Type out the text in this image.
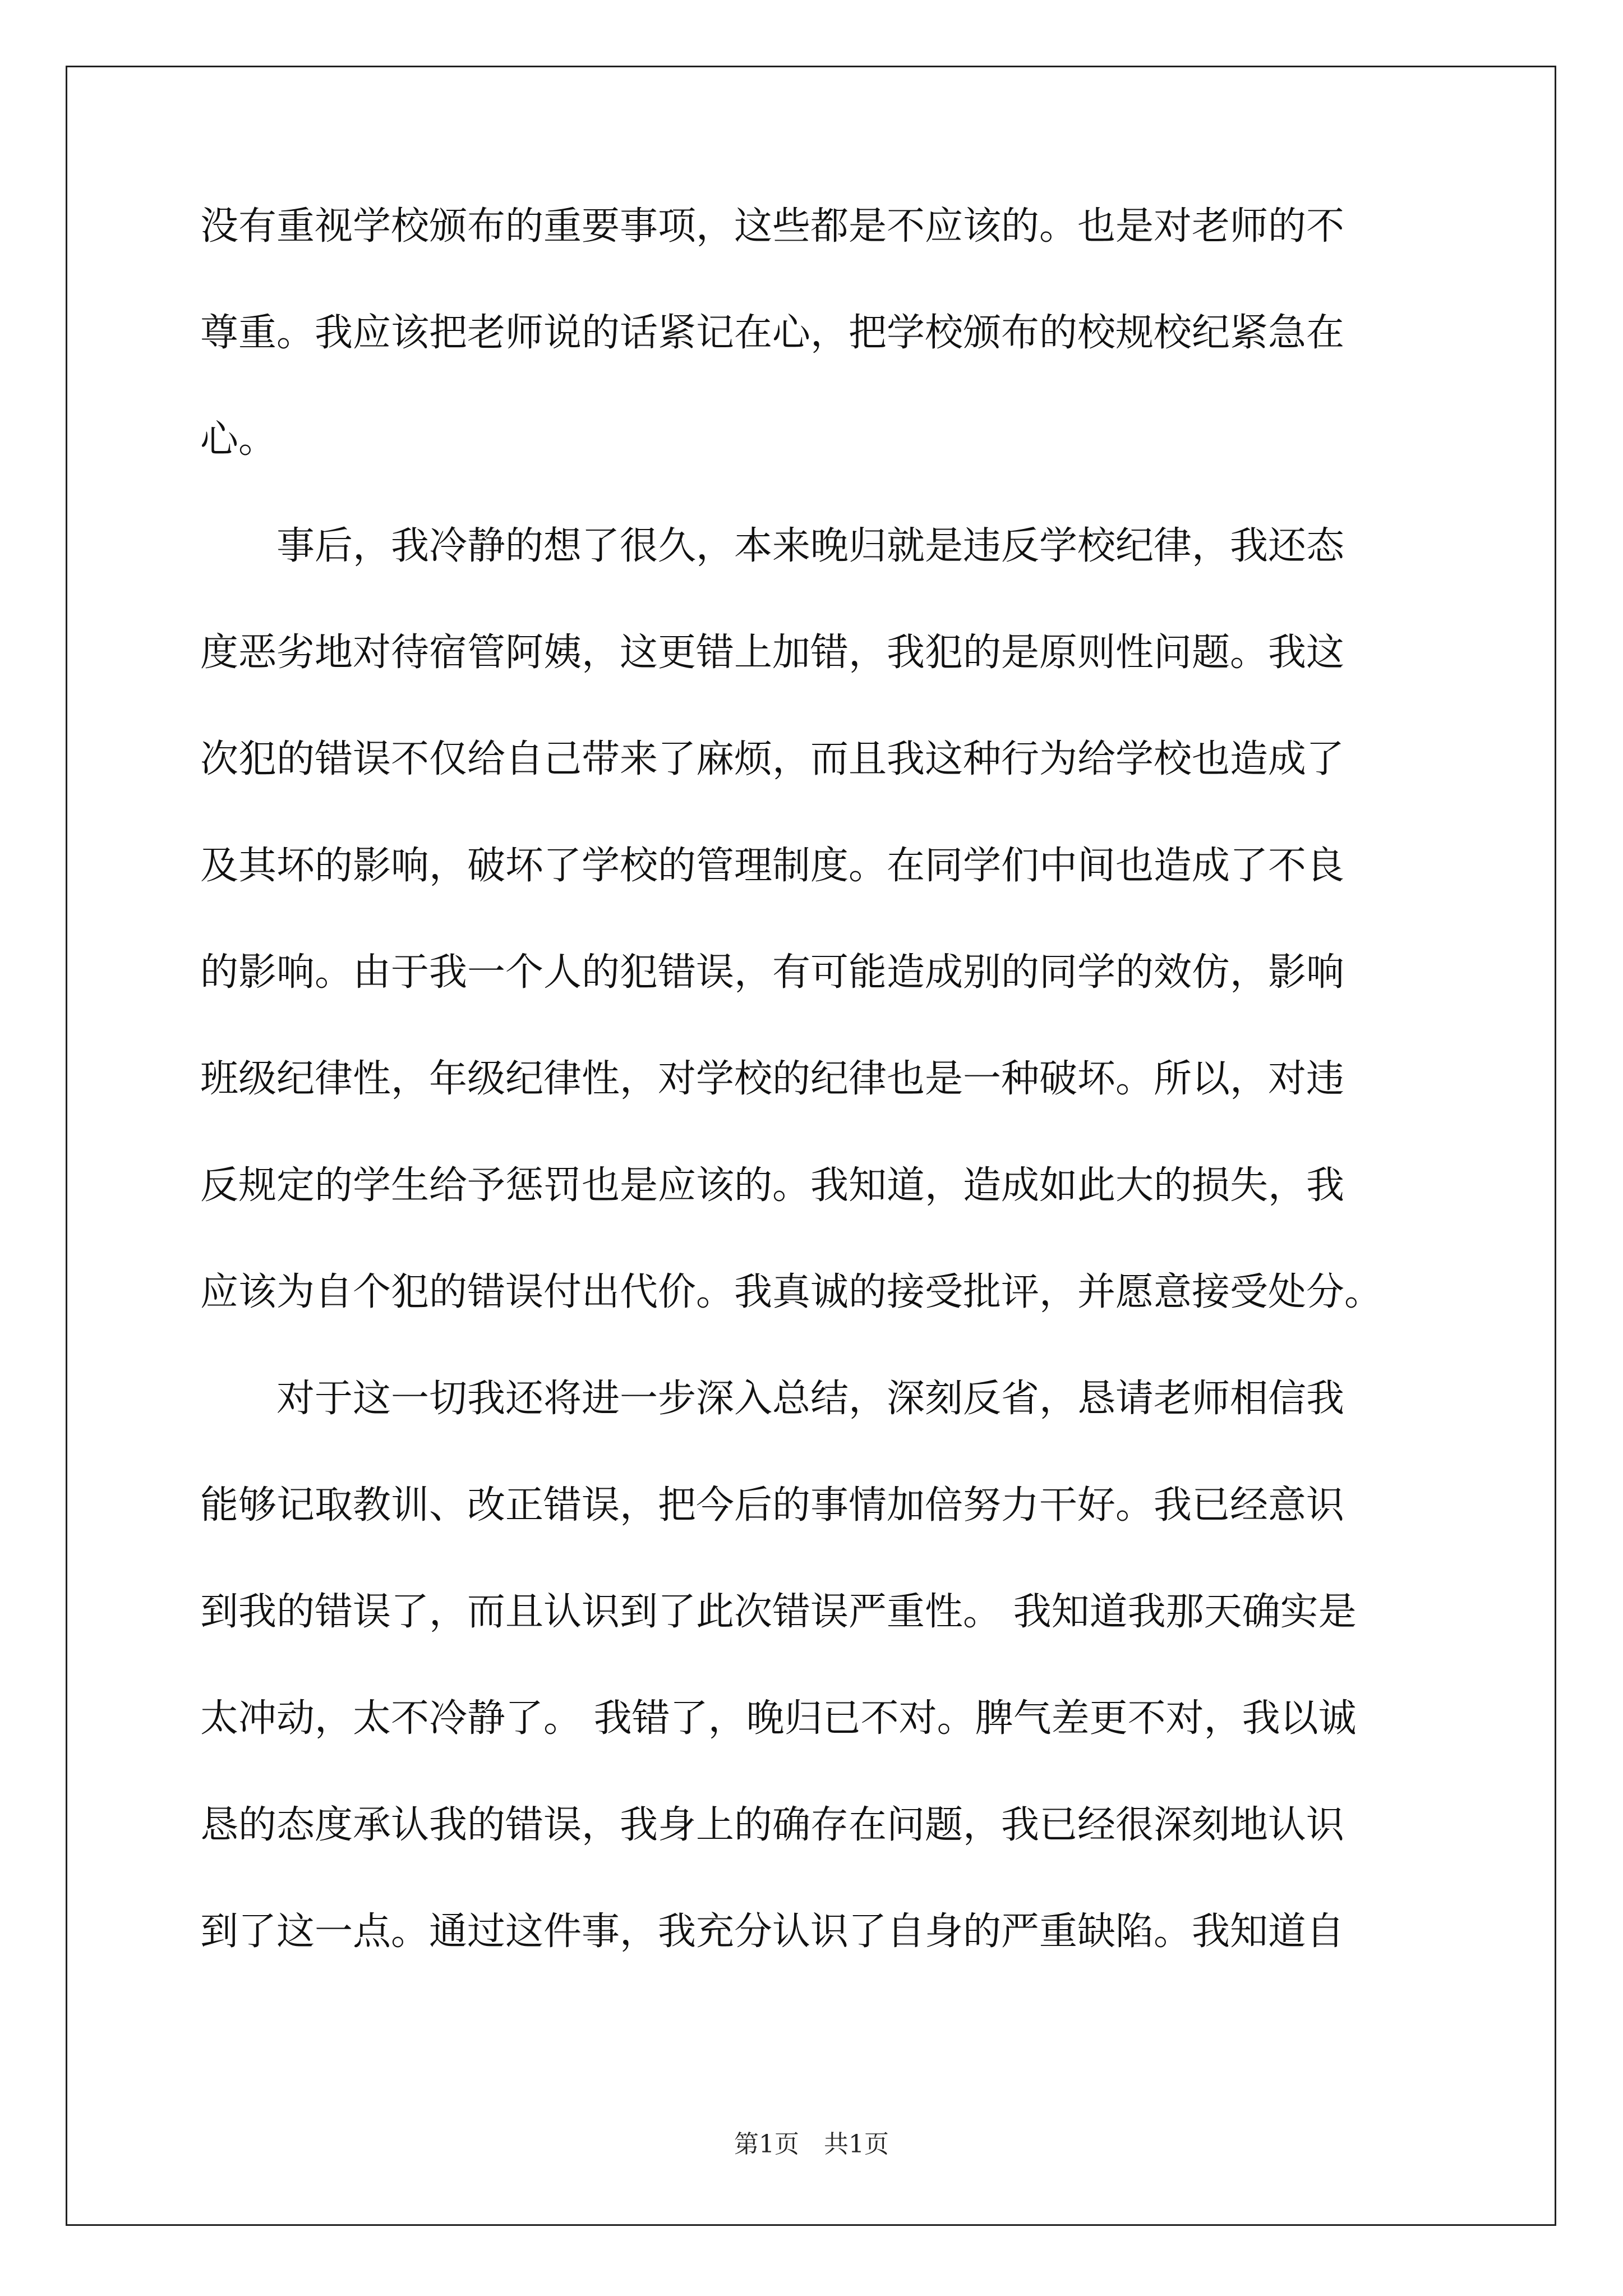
没有重视学校颁布的重要事项，这些都是不应该的。也是对老师的不
尊重。我应该把老师说的话紧记在心，把学校颁布的校规校纪紧急在
心。
　　事后，我冷静的想了很久，本来晚归就是违反学校纪律，我还态
度恶劣地对待宿管阿姨，这更错上加错，我犯的是原则性问题。我这
次犯的错误不仅给自己带来了麻烦，而且我这种行为给学校也造成了
及其坏的影响，破坏了学校的管理制度。在同学们中间也造成了不良
的影响。由于我一个人的犯错误，有可能造成别的同学的效仿，影响
班级纪律性，年级纪律性，对学校的纪律也是一种破坏。所以，对违
反规定的学生给予惩罚也是应该的。我知道，造成如此大的损失，我
应该为自个犯的错误付出代价。我真诚的接受批评，并愿意接受处分。
　　对于这一切我还将进一步深入总结，深刻反省，恳请老师相信我
能够记取教训、改正错误，把今后的事情加倍努力干好。我已经意识
到我的错误了，而且认识到了此次错误严重性。 我知道我那天确实是
太冲动，太不冷静了。 我错了，晚归已不对。脾气差更不对，我以诚
恳的态度承认我的错误，我身上的确存在问题，我已经很深刻地认识
到了这一点。通过这件事，我充分认识了自身的严重缺陷。我知道自
第1页　共1页
